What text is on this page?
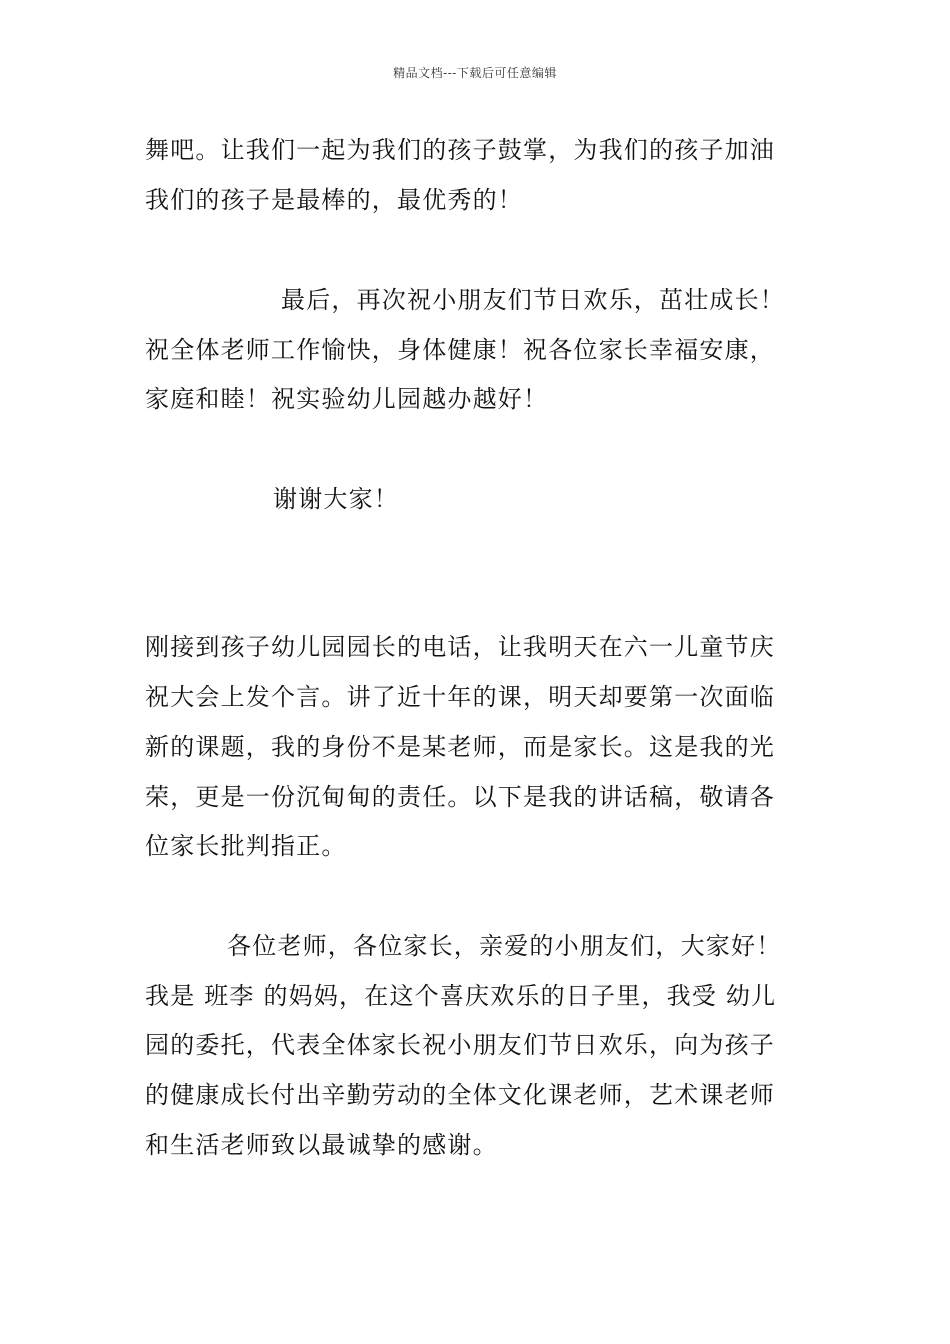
精品文档---下载后可任意编辑
舞吧。让我们一起为我们的孩子鼓掌，为我们的孩子加油
我们的孩子是最棒的，最优秀的！
最后，再次祝小朋友们节日欢乐，茁壮成长！
祝全体老师工作愉快，身体健康！祝各位家长幸福安康，
家庭和睦！祝实验幼儿园越办越好！
谢谢大家！
刚接到孩子幼儿园园长的电话，让我明天在六一儿童节庆
祝大会上发个言。讲了近十年的课，明天却要第一次面临
新的课题，我的身份不是某老师，而是家长。这是我的光
荣，更是一份沉甸甸的责任。以下是我的讲话稿，敬请各
位家长批判指正。
各位老师，各位家长，亲爱的小朋友们，大家好！
我是 班李 的妈妈，在这个喜庆欢乐的日子里，我受 幼儿
园的委托，代表全体家长祝小朋友们节日欢乐，向为孩子
的健康成长付出辛勤劳动的全体文化课老师，艺术课老师
和生活老师致以最诚挚的感谢。
